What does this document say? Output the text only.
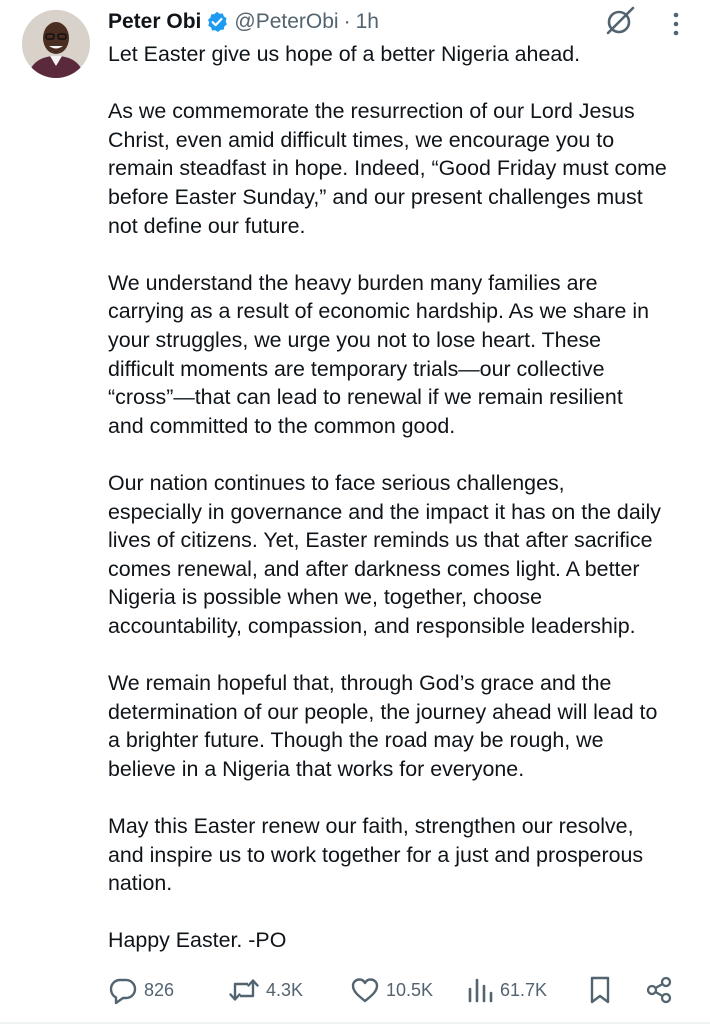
Peter Obi @PeterObi · 1h

Let Easter give us hope of a better Nigeria ahead.

As we commemorate the resurrection of our Lord Jesus
Christ, even amid difficult times, we encourage you to
remain steadfast in hope. Indeed, “Good Friday must come
before Easter Sunday,” and our present challenges must
not define our future.

We understand the heavy burden many families are
carrying as a result of economic hardship. As we share in
your struggles, we urge you not to lose heart. These
difficult moments are temporary trials—our collective
“cross”—that can lead to renewal if we remain resilient
and committed to the common good.

Our nation continues to face serious challenges,
especially in governance and the impact it has on the daily
lives of citizens. Yet, Easter reminds us that after sacrifice
comes renewal, and after darkness comes light. A better
Nigeria is possible when we, together, choose
accountability, compassion, and responsible leadership.

We remain hopeful that, through God’s grace and the
determination of our people, the journey ahead will lead to
a brighter future. Though the road may be rough, we
believe in a Nigeria that works for everyone.

May this Easter renew our faith, strengthen our resolve,
and inspire us to work together for a just and prosperous
nation.

Happy Easter. -PO

826	4.3K	10.5K	61.7K
